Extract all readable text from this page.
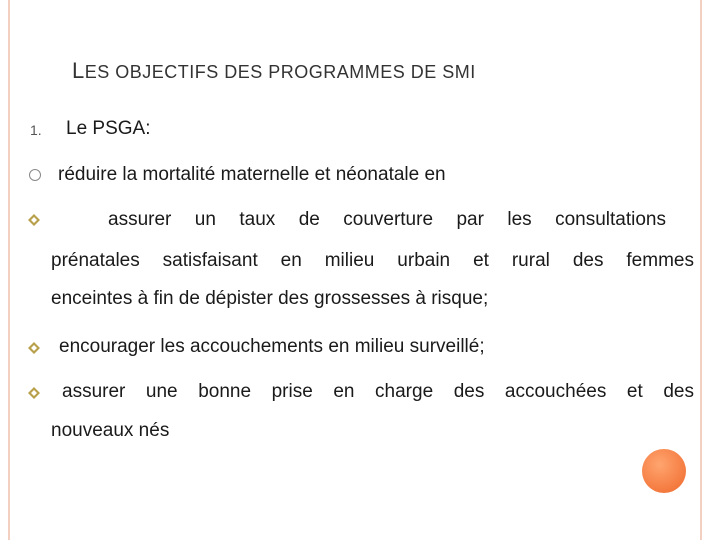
LES OBJECTIFS DES PROGRAMMES DE SMI
1. Le PSGA:
réduire la mortalité maternelle et néonatale en
assurer un taux de couverture par les consultations
prénatales satisfaisant en milieu urbain et rural des femmes
enceintes à fin de dépister des grossesses à risque;
encourager les accouchements en milieu surveillé;
assurer une bonne prise en charge des accouchées et des
nouveaux nés
